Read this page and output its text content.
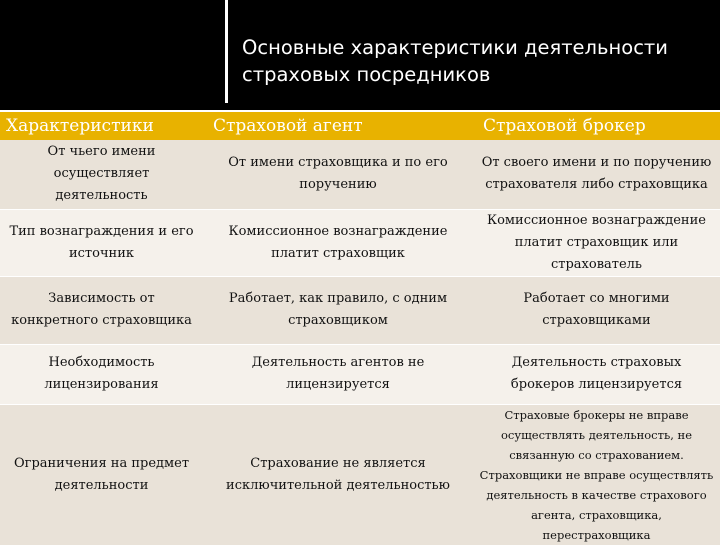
Основные характеристики деятельности страховых посредников
Характеристики	Страховой агент	Страховой брокер
От чьего имени осуществляет деятельность	От имени страховщика и по его поручению	От своего имени и по поручению страхователя либо страховщика
Тип вознаграждения и его источник	Комиссионное вознаграждение платит страховщик	Комиссионное вознаграждение платит страховщик или страхователь
Зависимость от конкретного страховщика	Работает, как правило, с одним страховщиком	Работает со многими страховщиками
Необходимость лицензирования	Деятельность агентов не лицензируется	Деятельность страховых брокеров лицензируется
Ограничения на предмет деятельности	Страхование не является исключительной деятельностью	Страховые брокеры не вправе осуществлять деятельность, не связанную со страхованием. Страховщики не вправе осуществлять деятельность в качестве страхового агента, страховщика, перестраховщика
